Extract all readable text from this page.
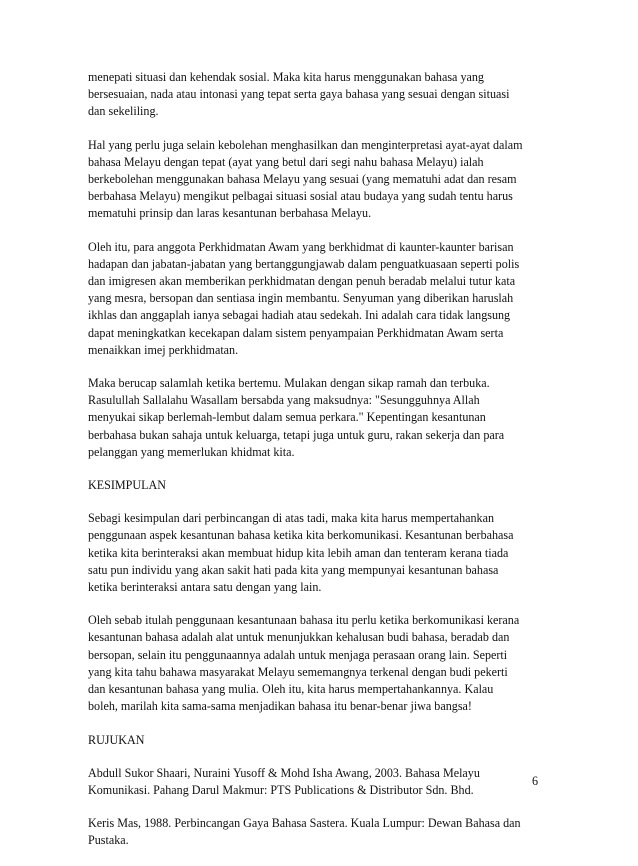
menepati situasi dan kehendak sosial. Maka kita harus menggunakan bahasa yang
bersesuaian, nada atau intonasi yang tepat serta gaya bahasa yang sesuai dengan situasi
dan sekeliling.

Hal yang perlu juga selain kebolehan menghasilkan dan menginterpretasi ayat-ayat dalam
bahasa Melayu dengan tepat (ayat yang betul dari segi nahu bahasa Melayu) ialah
berkebolehan menggunakan bahasa Melayu yang sesuai (yang mematuhi adat dan resam
berbahasa Melayu) mengikut pelbagai situasi sosial atau budaya yang sudah tentu harus
mematuhi prinsip dan laras kesantunan berbahasa Melayu.

Oleh itu, para anggota Perkhidmatan Awam yang berkhidmat di kaunter-kaunter barisan
hadapan dan jabatan-jabatan yang bertanggungjawab dalam penguatkuasaan seperti polis
dan imigresen akan memberikan perkhidmatan dengan penuh beradab melalui tutur kata
yang mesra, bersopan dan sentiasa ingin membantu. Senyuman yang diberikan haruslah
ikhlas dan anggaplah ianya sebagai hadiah atau sedekah. Ini adalah cara tidak langsung
dapat meningkatkan kecekapan dalam sistem penyampaian Perkhidmatan Awam serta
menaikkan imej perkhidmatan.

Maka berucap salamlah ketika bertemu. Mulakan dengan sikap ramah dan terbuka.
Rasulullah Sallalahu Wasallam bersabda yang maksudnya: "Sesungguhnya Allah
menyukai sikap berlemah-lembut dalam semua perkara." Kepentingan kesantunan
berbahasa bukan sahaja untuk keluarga, tetapi juga untuk guru, rakan sekerja dan para
pelanggan yang memerlukan khidmat kita.

KESIMPULAN

Sebagi kesimpulan dari perbincangan di atas tadi, maka kita harus mempertahankan
penggunaan aspek kesantunan bahasa ketika kita berkomunikasi. Kesantunan berbahasa
ketika kita berinteraksi akan membuat hidup kita lebih aman dan tenteram kerana tiada
satu pun individu yang akan sakit hati pada kita yang mempunyai kesantunan bahasa
ketika berinteraksi antara satu dengan yang lain.

Oleh sebab itulah penggunaan kesantunaan bahasa itu perlu ketika berkomunikasi kerana
kesantunan bahasa adalah alat untuk menunjukkan kehalusan budi bahasa, beradab dan
bersopan, selain itu penggunaannya adalah untuk menjaga perasaan orang lain. Seperti
yang kita tahu bahawa masyarakat Melayu sememangnya terkenal dengan budi pekerti
dan kesantunan bahasa yang mulia. Oleh itu, kita harus mempertahankannya. Kalau
boleh, marilah kita sama-sama menjadikan bahasa itu benar-benar jiwa bangsa!

RUJUKAN

Abdull Sukor Shaari, Nuraini Yusoff & Mohd Isha Awang, 2003. Bahasa Melayu
Komunikasi. Pahang Darul Makmur: PTS Publications & Distributor Sdn. Bhd.

Keris Mas, 1988. Perbincangan Gaya Bahasa Sastera. Kuala Lumpur: Dewan Bahasa dan
Pustaka.

6
